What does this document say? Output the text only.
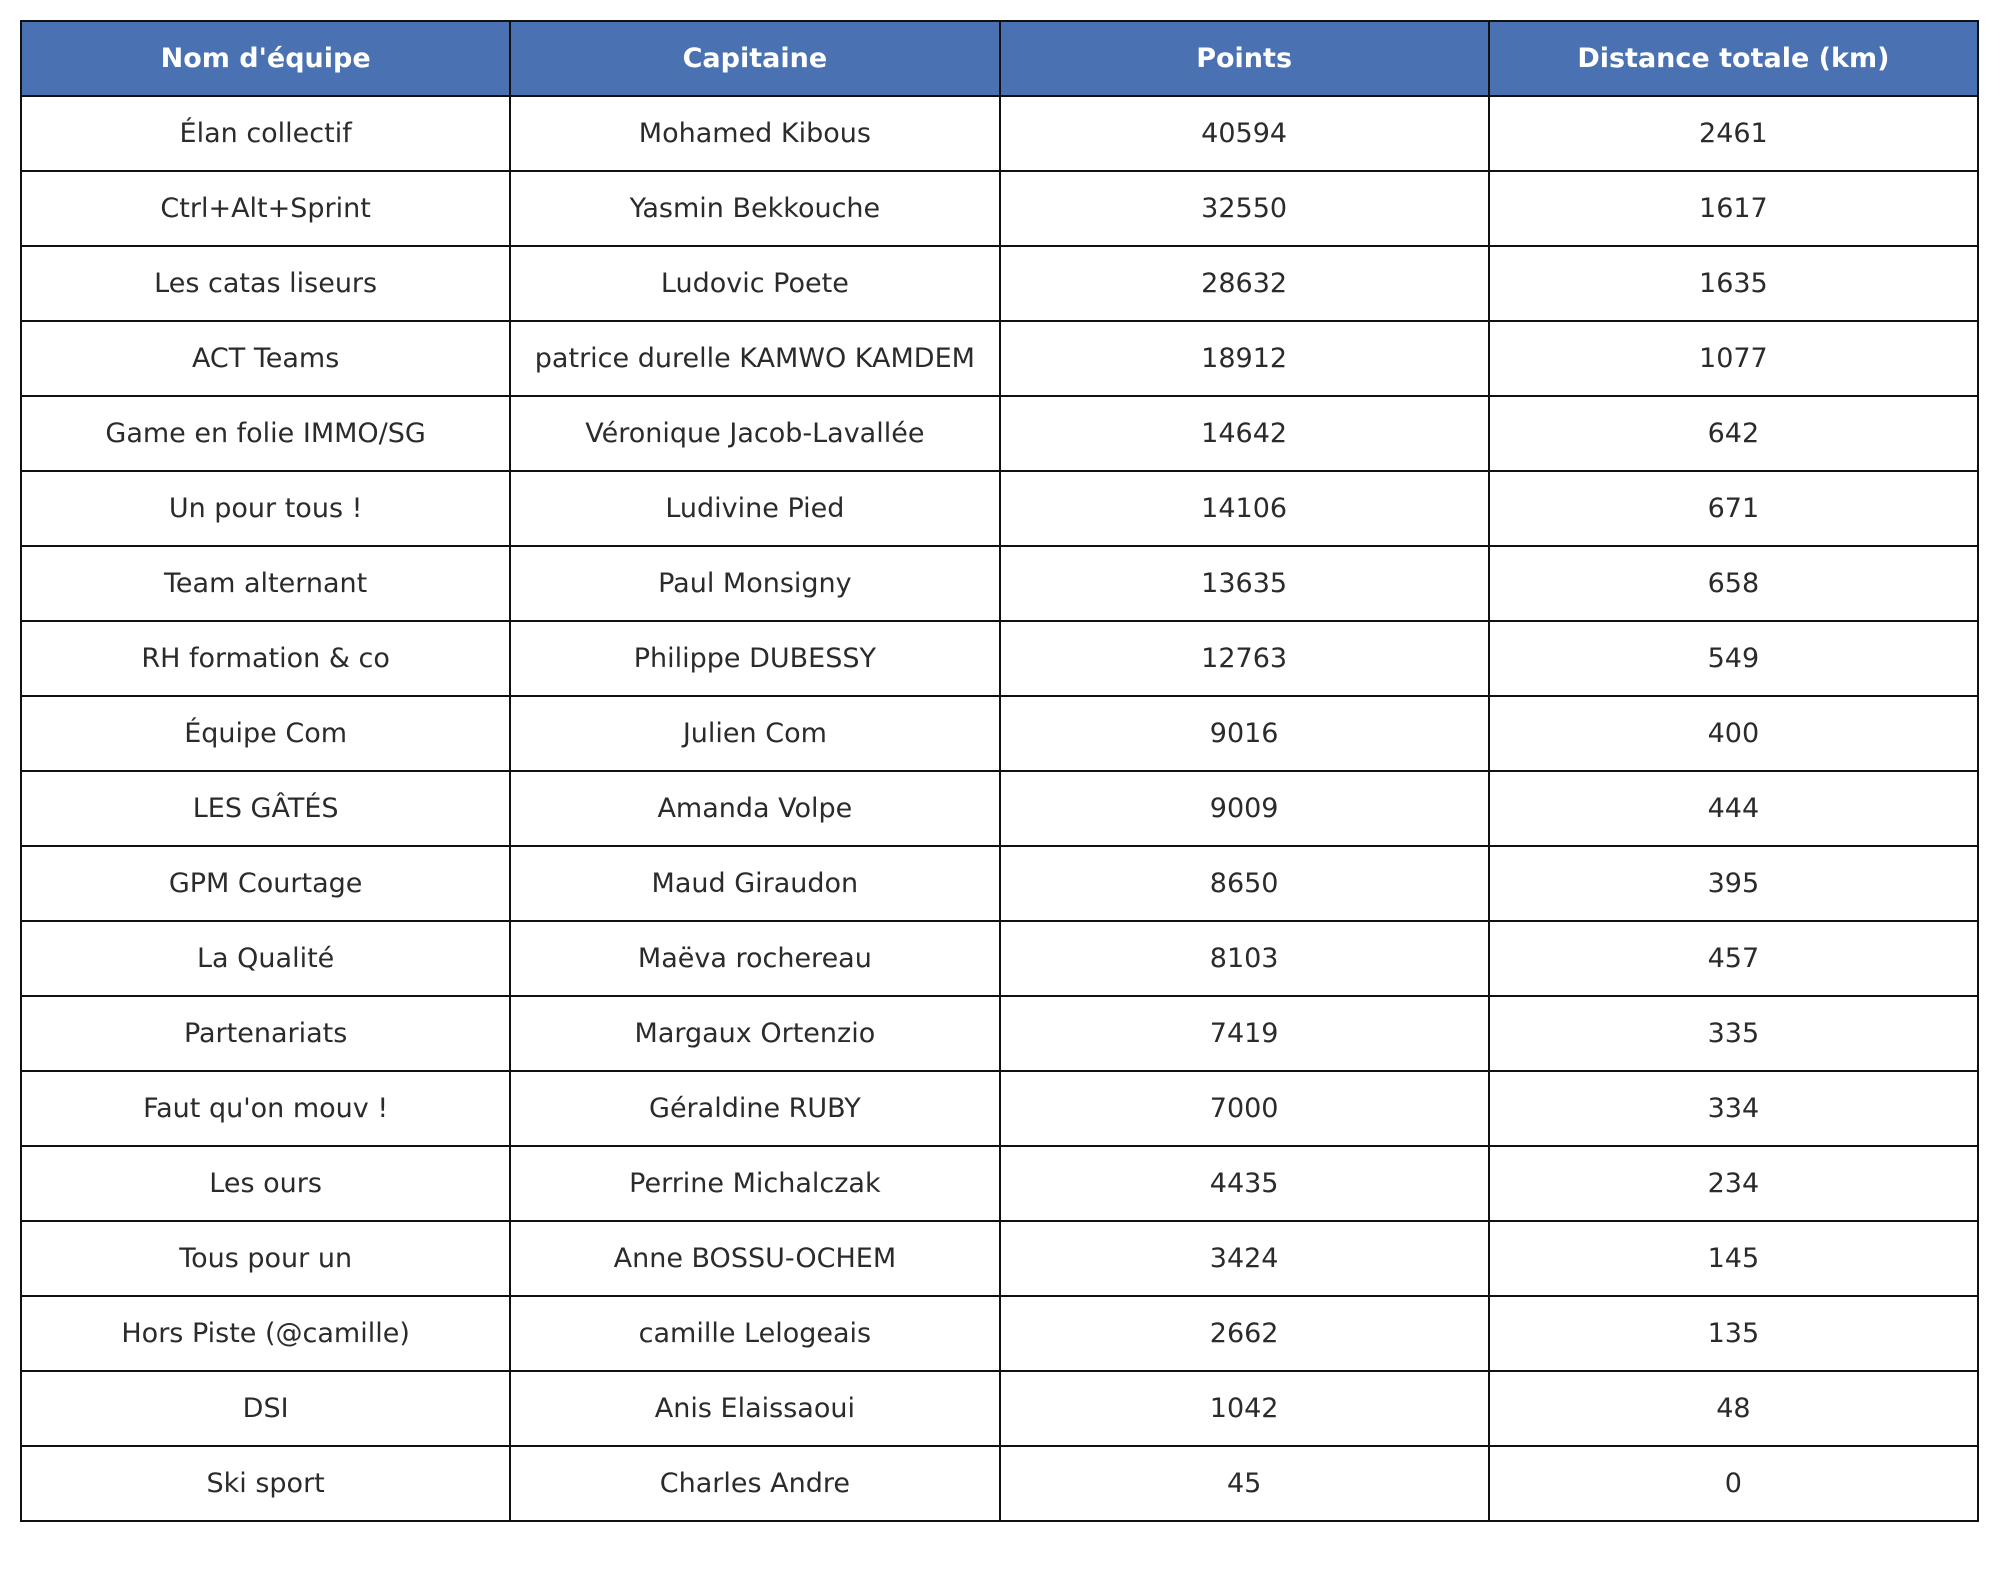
Nom d'équipe	Capitaine	Points	Distance totale (km)
Élan collectif	Mohamed Kibous	40594	2461
Ctrl+Alt+Sprint	Yasmin Bekkouche	32550	1617
Les catas liseurs	Ludovic Poete	28632	1635
ACT Teams	patrice durelle KAMWO KAMDEM	18912	1077
Game en folie IMMO/SG	Véronique Jacob-Lavallée	14642	642
Un pour tous !	Ludivine Pied	14106	671
Team alternant	Paul Monsigny	13635	658
RH formation & co	Philippe DUBESSY	12763	549
Équipe Com	Julien Com	9016	400
LES GÂTÉS	Amanda Volpe	9009	444
GPM Courtage	Maud Giraudon	8650	395
La Qualité	Maëva rochereau	8103	457
Partenariats	Margaux Ortenzio	7419	335
Faut qu'on mouv !	Géraldine RUBY	7000	334
Les ours	Perrine Michalczak	4435	234
Tous pour un	Anne BOSSU-OCHEM	3424	145
Hors Piste (@camille)	camille Lelogeais	2662	135
DSI	Anis Elaissaoui	1042	48
Ski sport	Charles Andre	45	0
